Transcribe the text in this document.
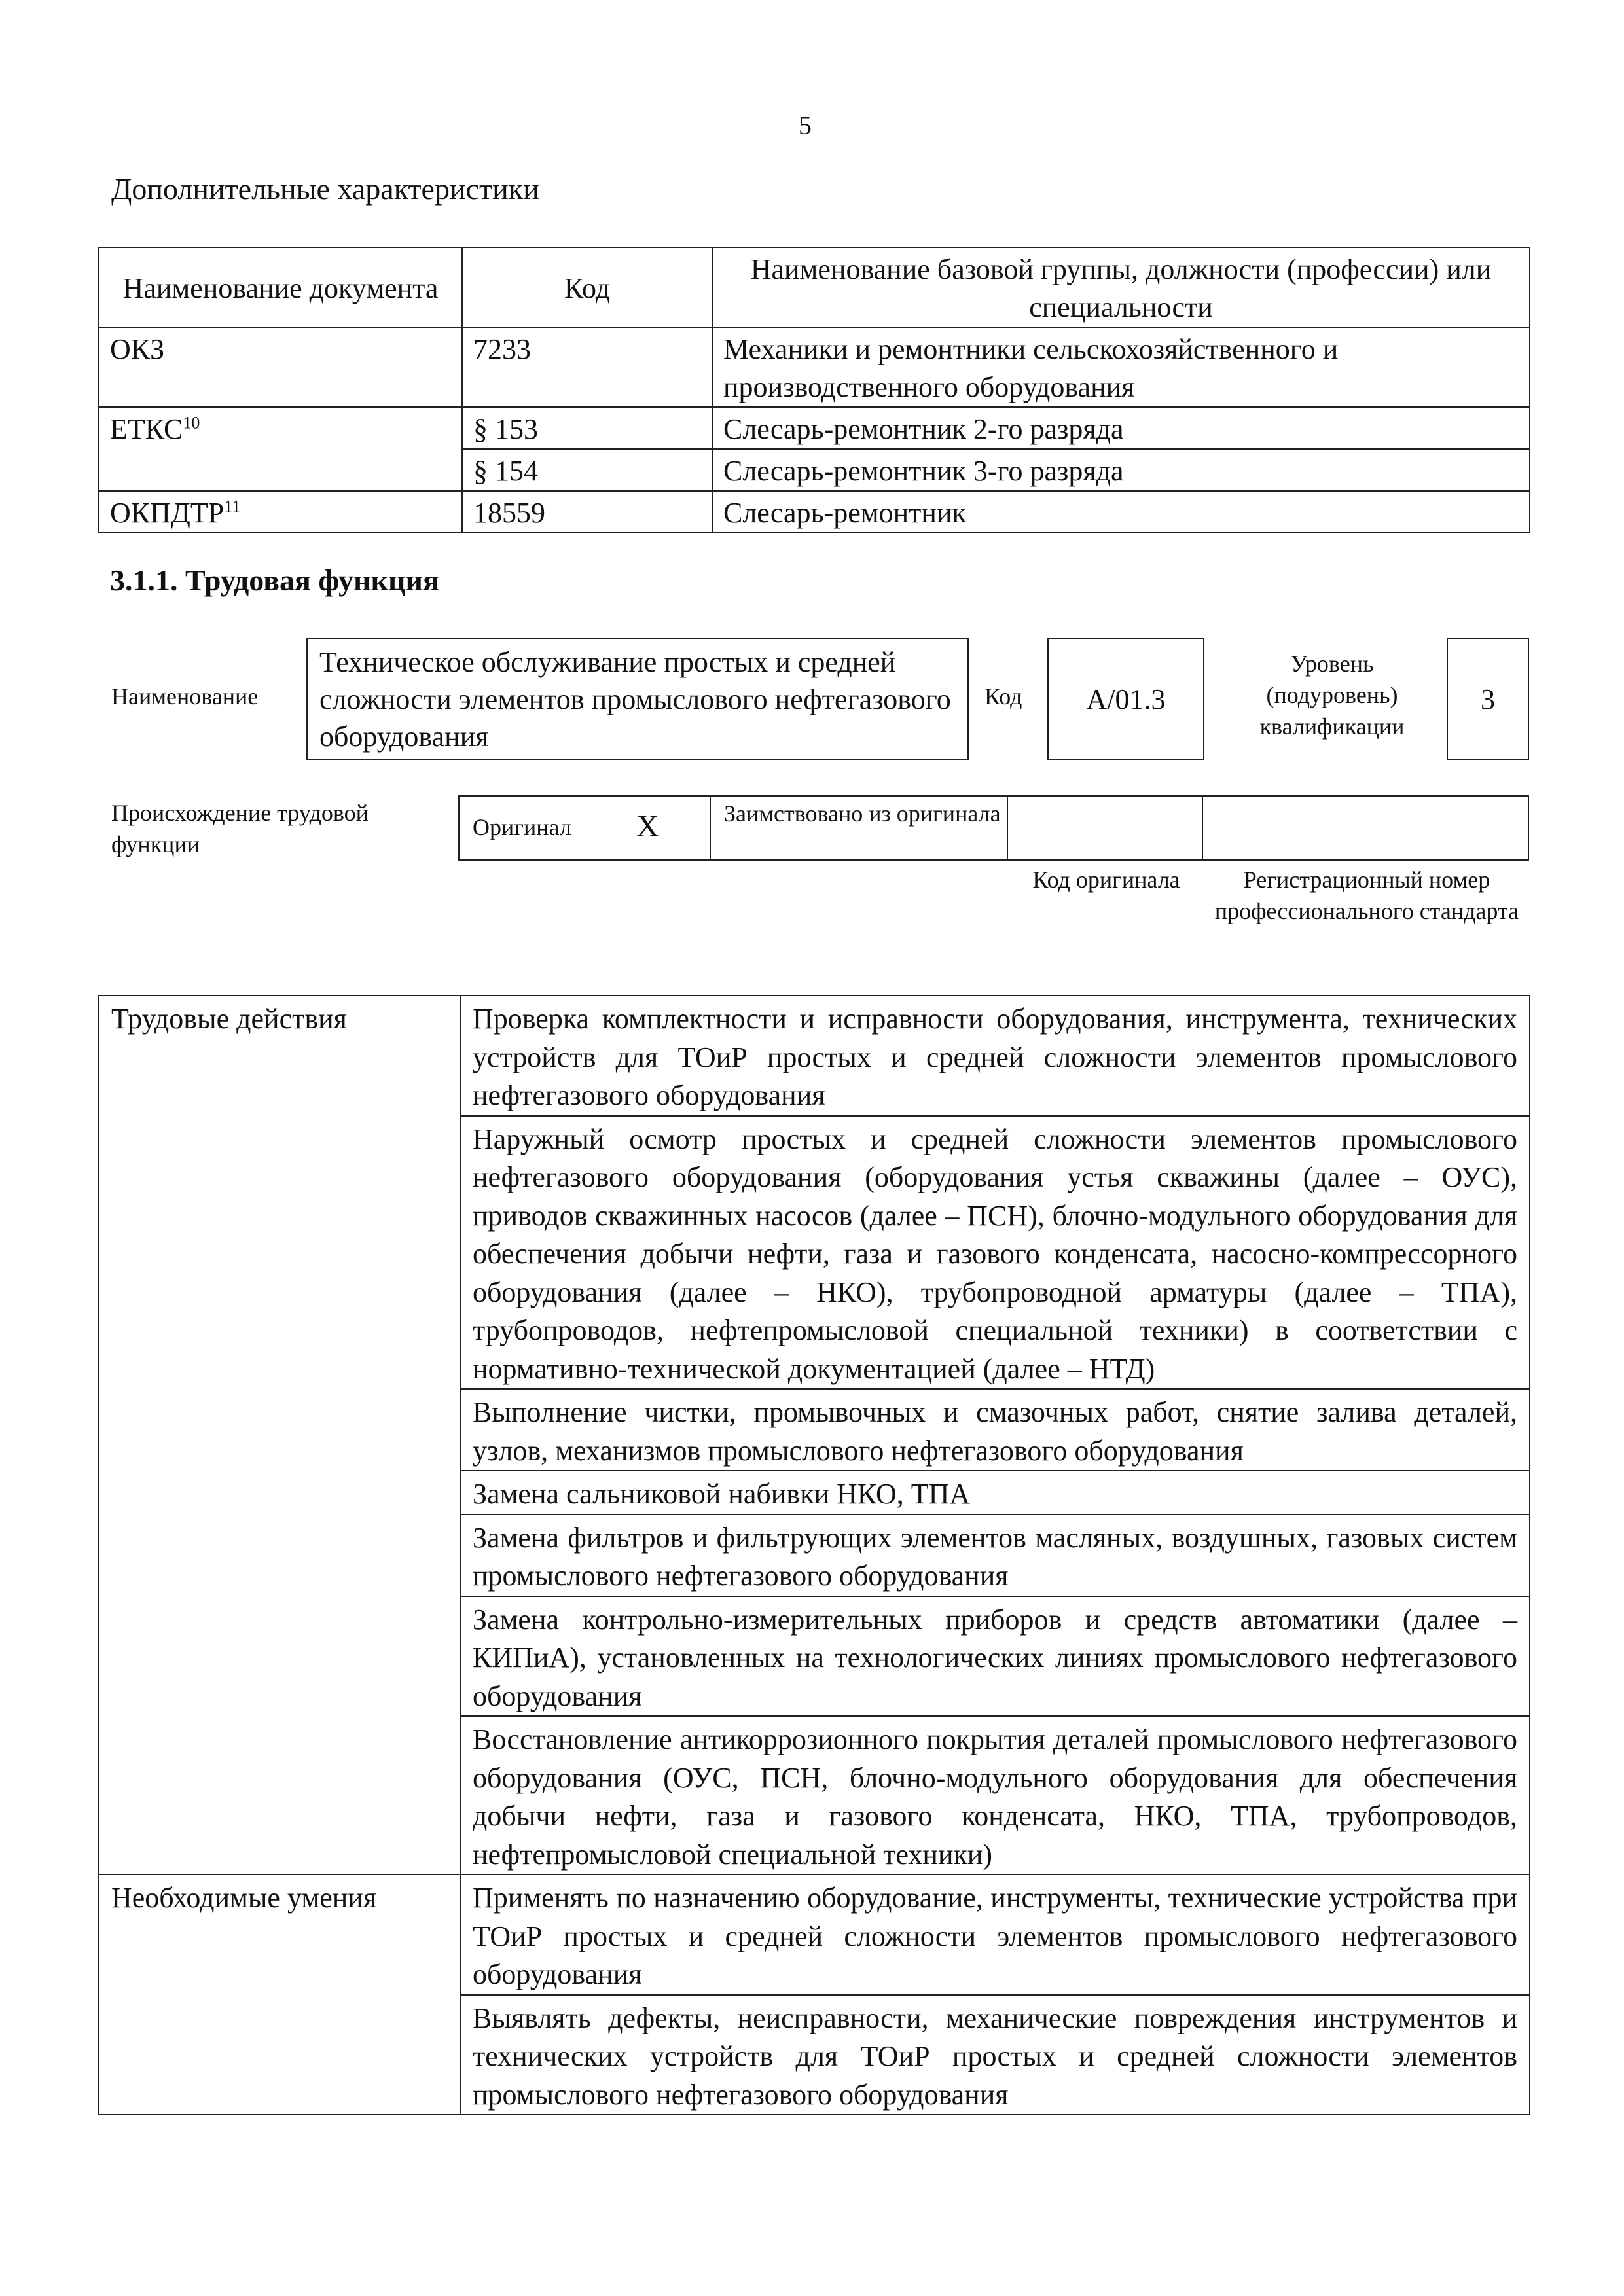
5
Дополнительные характеристики
Наименование документа	Код	Наименование базовой группы, должности (профессии) или специальности
ОКЗ	7233	Механики и ремонтники сельскохозяйственного и производственного оборудования
ЕТКС$^{10}$	§ 153	Слесарь-ремонтник 2-го разряда
	§ 154	Слесарь-ремонтник 3-го разряда
ОКПДТР$^{11}$	18559	Слесарь-ремонтник
3.1.1. Трудовая функция
Наименование
Техническое обслуживание простых и средней сложности элементов промыслового нефтегазового оборудования
Код А/01.3
Уровень (подуровень) квалификации
3
Происхождение трудовой функции
Оригинал X	Заимствовано из оригинала
Код оригинала	Регистрационный номер профессионального стандарта
Трудовые действия	Проверка комплектности и исправности оборудования, инструмента, технических устройств для ТОиР простых и средней сложности элементов промыслового нефтегазового оборудования
	Наружный осмотр простых и средней сложности элементов промыслового нефтегазового оборудования (оборудования устья скважины (далее – ОУС), приводов скважинных насосов (далее – ПСН), блочно-модульного оборудования для обеспечения добычи нефти, газа и газового конденсата, насосно-компрессорного оборудования (далее – НКО), трубопроводной арматуры (далее – ТПА), трубопроводов, нефтепромысловой специальной техники) в соответствии с нормативно-технической документацией (далее – НТД)
	Выполнение чистки, промывочных и смазочных работ, снятие залива деталей, узлов, механизмов промыслового нефтегазового оборудования
	Замена сальниковой набивки НКО, ТПА
	Замена фильтров и фильтрующих элементов масляных, воздушных, газовых систем промыслового нефтегазового оборудования
	Замена контрольно-измерительных приборов и средств автоматики (далее – КИПиА), установленных на технологических линиях промыслового нефтегазового оборудования
	Восстановление антикоррозионного покрытия деталей промыслового нефтегазового оборудования (ОУС, ПСН, блочно-модульного оборудования для обеспечения добычи нефти, газа и газового конденсата, НКО, ТПА, трубопроводов, нефтепромысловой специальной техники)
Необходимые умения	Применять по назначению оборудование, инструменты, технические устройства при ТОиР простых и средней сложности элементов промыслового нефтегазового оборудования
	Выявлять дефекты, неисправности, механические повреждения инструментов и технических устройств для ТОиР простых и средней сложности элементов промыслового нефтегазового оборудования
